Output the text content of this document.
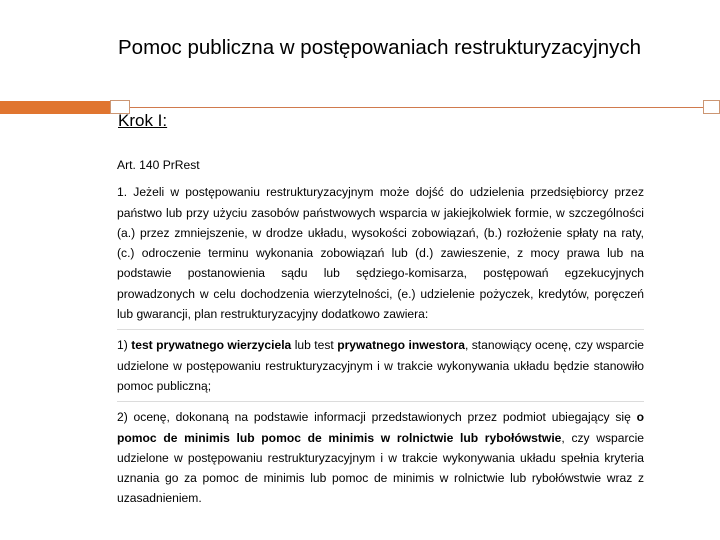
Pomoc publiczna w postępowaniach restrukturyzacyjnych
Krok I:

Art. 140 PrRest

1. Jeżeli w postępowaniu restrukturyzacyjnym może dojść do udzielenia przedsiębiorcy przez państwo lub przy użyciu zasobów państwowych wsparcia w jakiejkolwiek formie, w szczególności (a.) przez zmniejszenie, w drodze układu, wysokości zobowiązań, (b.) rozłożenie spłaty na raty, (c.) odroczenie terminu wykonania zobowiązań lub (d.) zawieszenie, z mocy prawa lub na podstawie postanowienia sądu lub sędziego-komisarza, postępowań egzekucyjnych prowadzonych w celu dochodzenia wierzytelności, (e.) udzielenie pożyczek, kredytów, poręczeń lub gwarancji, plan restrukturyzacyjny dodatkowo zawiera:

1) test prywatnego wierzyciela lub test prywatnego inwestora, stanowiący ocenę, czy wsparcie udzielone w postępowaniu restrukturyzacyjnym i w trakcie wykonywania układu będzie stanowiło pomoc publiczną;

2) ocenę, dokonaną na podstawie informacji przedstawionych przez podmiot ubiegający się o pomoc de minimis lub pomoc de minimis w rolnictwie lub rybołówstwie, czy wsparcie udzielone w postępowaniu restrukturyzacyjnym i w trakcie wykonywania układu spełnia kryteria uznania go za pomoc de minimis lub pomoc de minimis w rolnictwie lub rybołówstwie wraz z uzasadnieniem.
